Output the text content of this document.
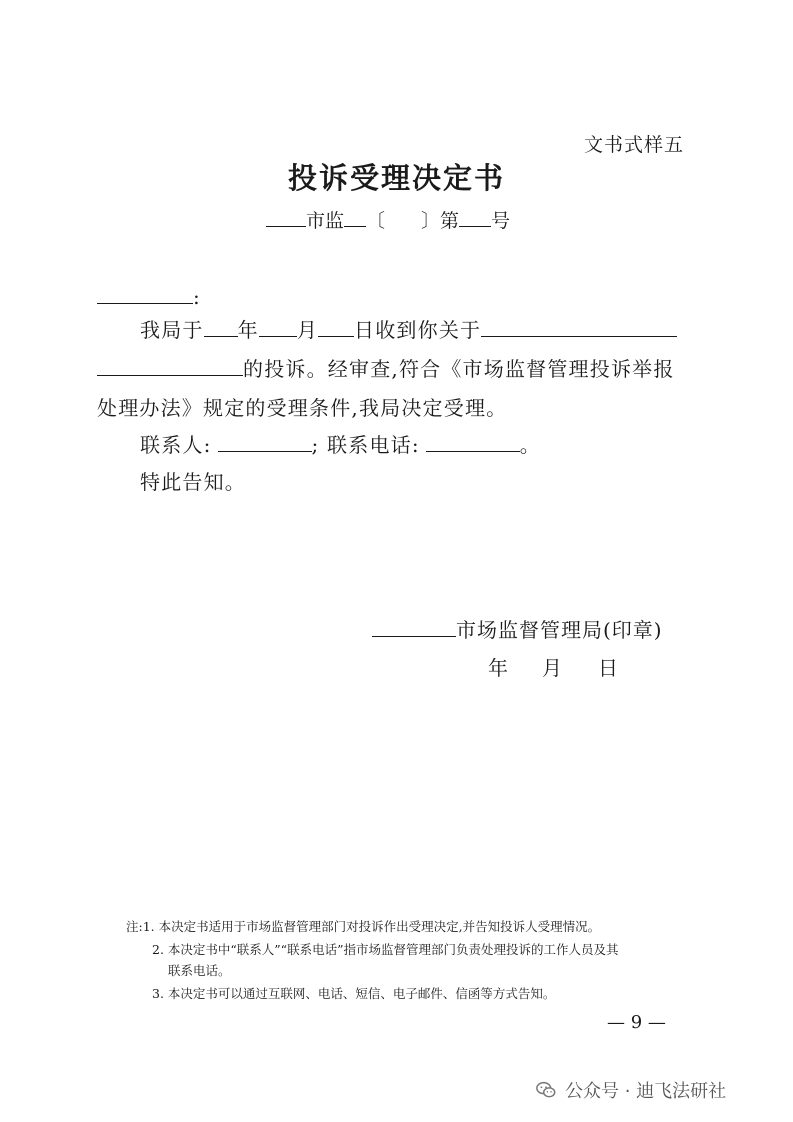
文书式样五
投诉受理决定书
市监 〔 〕第 号
:
我局于 年 月 日收到你关于
的投诉。经审查,符合《市场监督管理投诉举报
处理办法》规定的受理条件,我局决定受理。
联系人:	; 联系电话:	。
特此告知。
市场监督管理局(印章)
年 月 日
注:1. 本决定书适用于市场监督管理部门对投诉作出受理决定,并告知投诉人受理情况。
2. 本决定书中“联系人”“联系电话”指市场监督管理部门负责处理投诉的工作人员及其
联系电话。
3. 本决定书可以通过互联网、电话、短信、电子邮件、信函等方式告知。
— 9 —
公众号 · 迪飞法研社
